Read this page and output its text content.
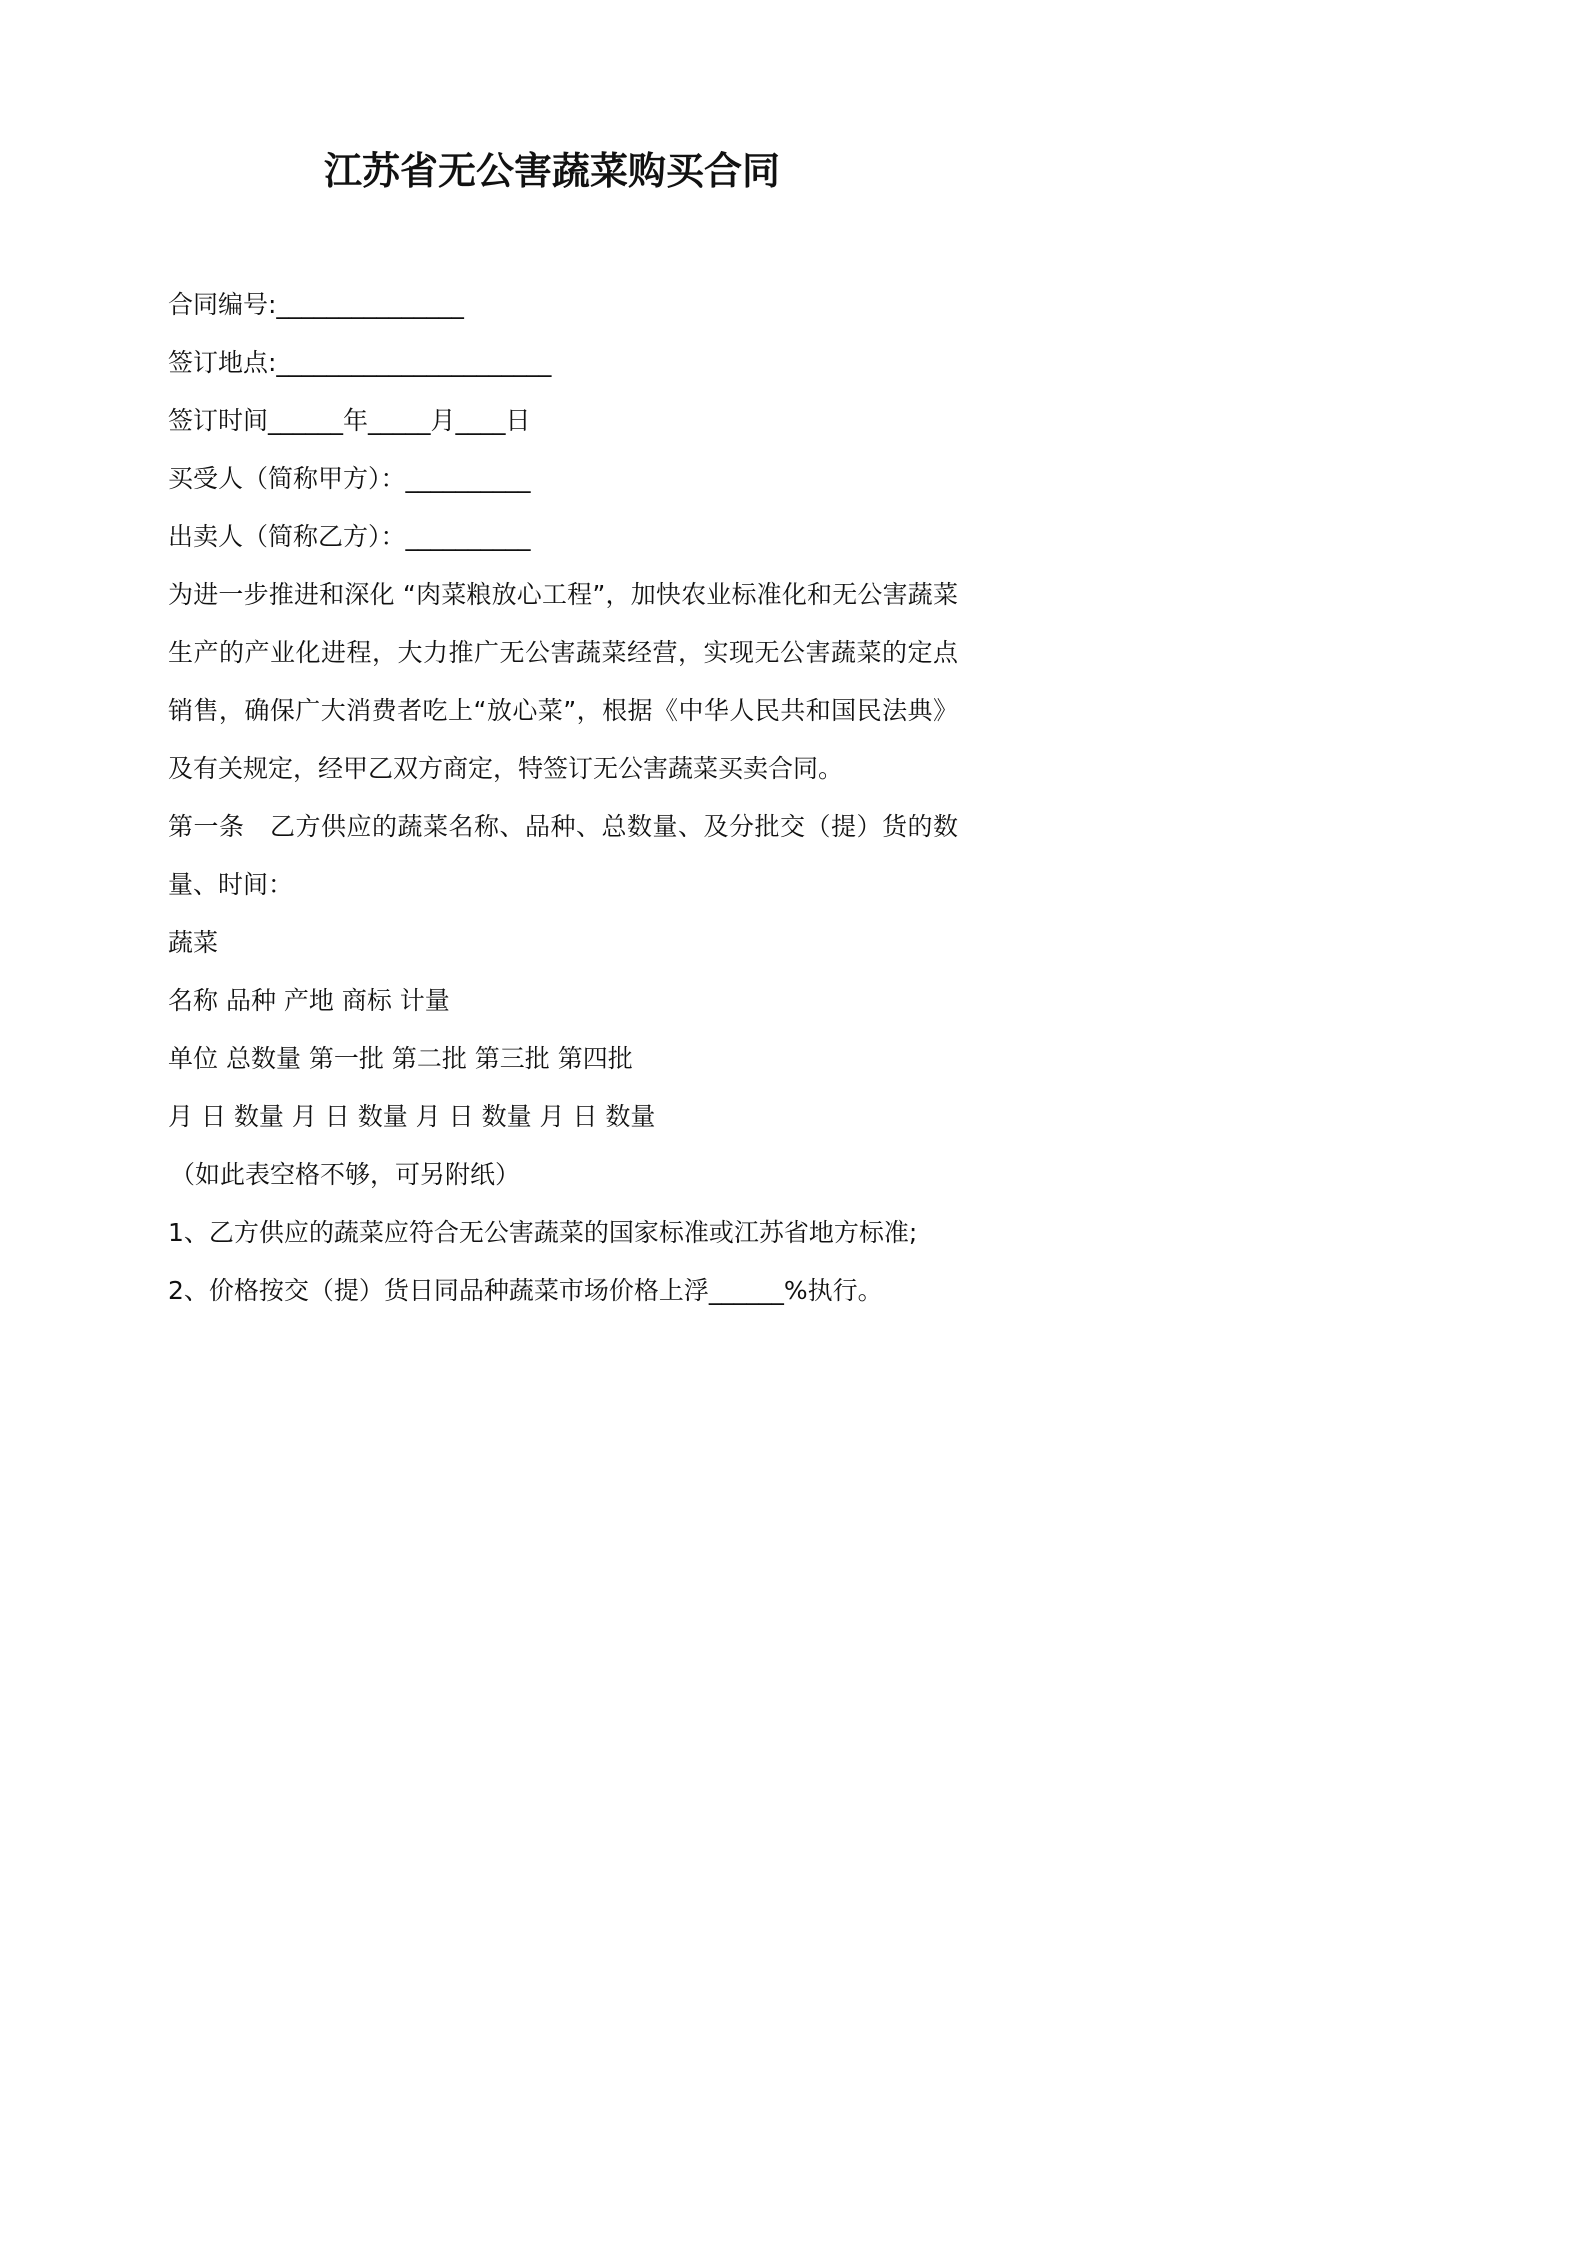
江苏省无公害蔬菜购买合同
合同编号:_______________
签订地点:______________________
签订时间______年_____月____日
买受人（简称甲方）：__________
出卖人（简称乙方）：__________
为进一步推进和深化 “肉菜粮放心工程”，加快农业标准化和无公害蔬菜生产的产业化进程，大力推广无公害蔬菜经营，实现无公害蔬菜的定点销售，确保广大消费者吃上“放心菜”，根据《中华人民共和国民法典》及有关规定，经甲乙双方商定，特签订无公害蔬菜买卖合同。
第一条　乙方供应的蔬菜名称、品种、总数量、及分批交（提）货的数量、时间：
蔬菜
名称 品种 产地 商标 计量
单位 总数量 第一批 第二批 第三批 第四批
月 日 数量 月 日 数量 月 日 数量 月 日 数量
（如此表空格不够，可另附纸）
1、乙方供应的蔬菜应符合无公害蔬菜的国家标准或江苏省地方标准;
2、价格按交（提）货日同品种蔬菜市场价格上浮______%执行。
